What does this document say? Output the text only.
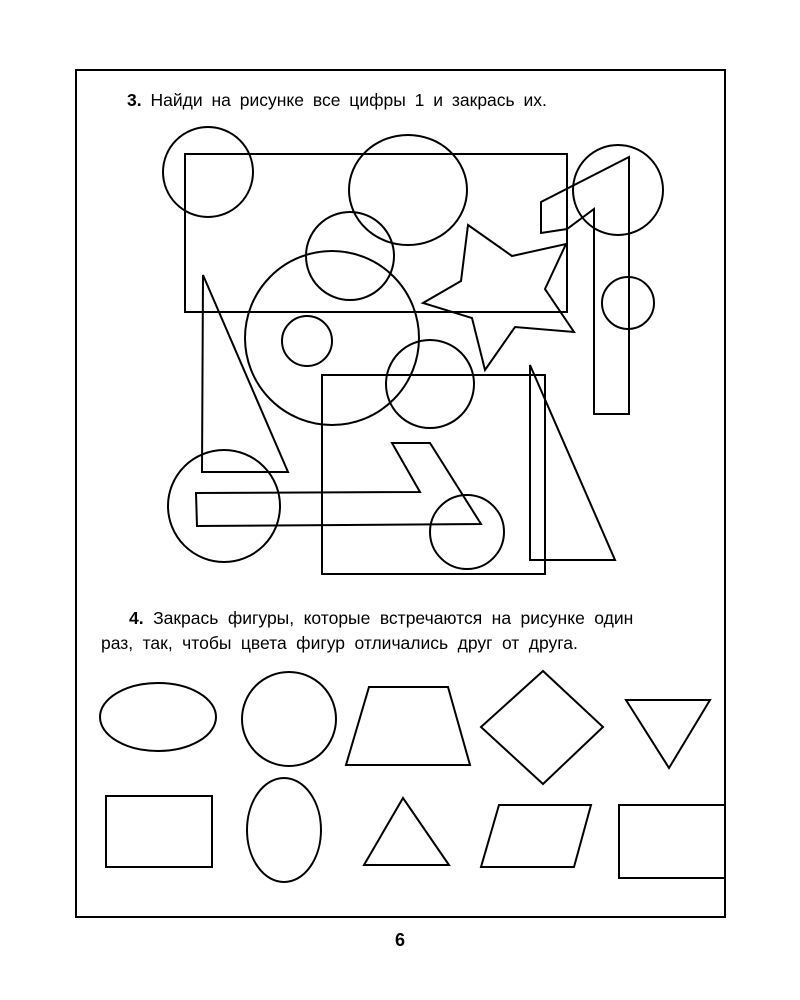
3. Найди на рисунке все цифры 1 и закрась их.
4. Закрась фигуры, которые встречаются на рисунке один
раз, так, чтобы цвета фигур отличались друг от друга.
6
